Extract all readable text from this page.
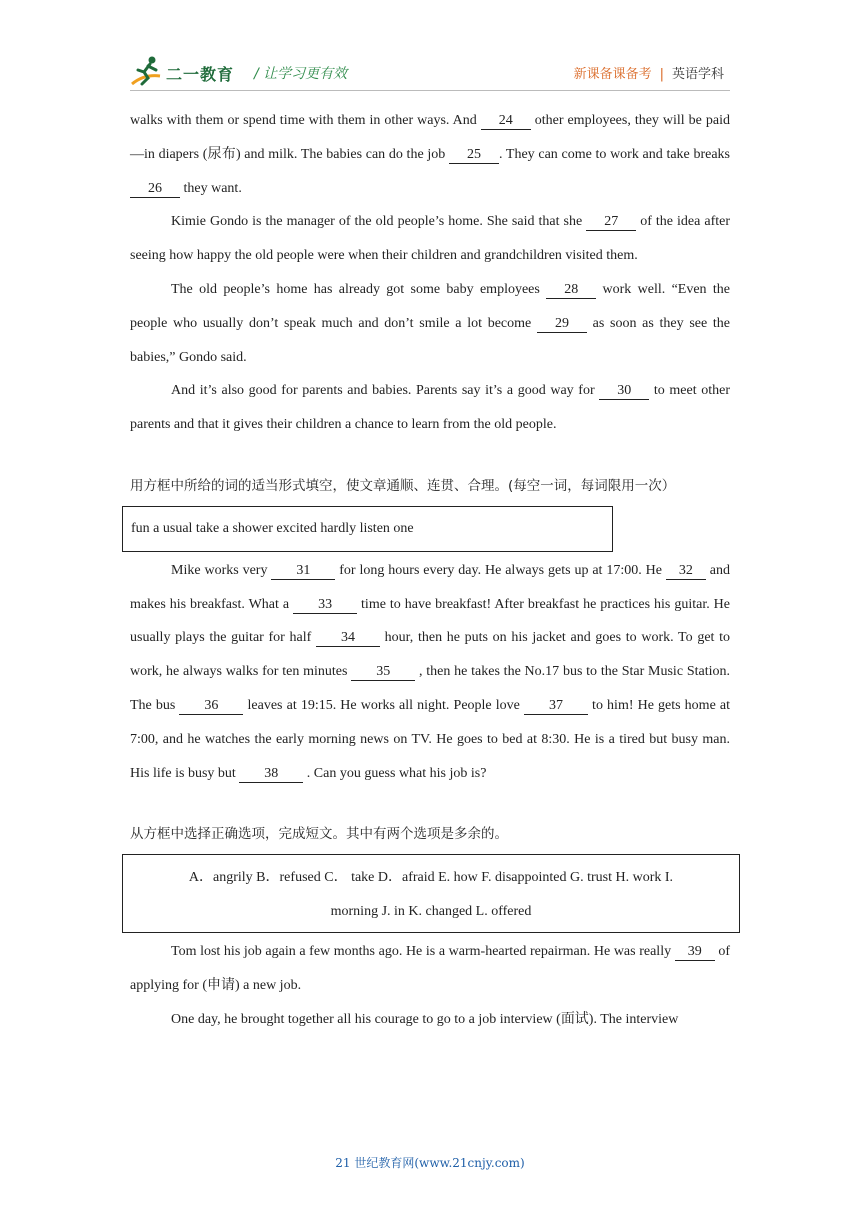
二一教育 / 让学习更有效	新课备课备考 | 英语学科

walks with them or spend time with them in other ways. And 24 other employees, they will be paid—in diapers (尿布) and milk. The babies can do the job 25 . They can come to work and take breaks 26 they want.

Kimie Gondo is the manager of the old people’s home. She said that she 27 of the idea after seeing how happy the old people were when their children and grandchildren visited them.

The old people’s home has already got some baby employees 28 work well. “Even the people who usually don’t speak much and don’t smile a lot become 29 as soon as they see the babies,” Gondo said.

And it’s also good for parents and babies. Parents say it’s a good way for 30 to meet other parents and that it gives their children a chance to learn from the old people.

用方框中所给的词的适当形式填空，使文章通顺、连贯、合理。(每空一词，每词限用一次）

fun a usual take a shower excited hardly listen one

Mike works very 31 for long hours every day. He always gets up at 17:00. He 32 and makes his breakfast. What a 33 time to have breakfast! After breakfast he practices his guitar. He usually plays the guitar for half 34 hour, then he puts on his jacket and goes to work. To get to work, he always walks for ten minutes 35 , then he takes the No.17 bus to the Star Music Station. The bus 36 leaves at 19:15. He works all night. People love 37 to him! He gets home at 7:00, and he watches the early morning news on TV. He goes to bed at 8:30. He is a tired but busy man. His life is busy but 38 . Can you guess what his job is?

从方框中选择正确选项，完成短文。其中有两个选项是多余的。

A．angrily B．refused C． take D．afraid E. how F. disappointed G. trust H. work I.
morning J. in K. changed L. offered

Tom lost his job again a few months ago. He is a warm-hearted repairman. He was really 39 of applying for (申请) a new job.

One day, he brought together all his courage to go to a job interview (面试). The interview

21 世纪教育网(www.21cnjy.com)
